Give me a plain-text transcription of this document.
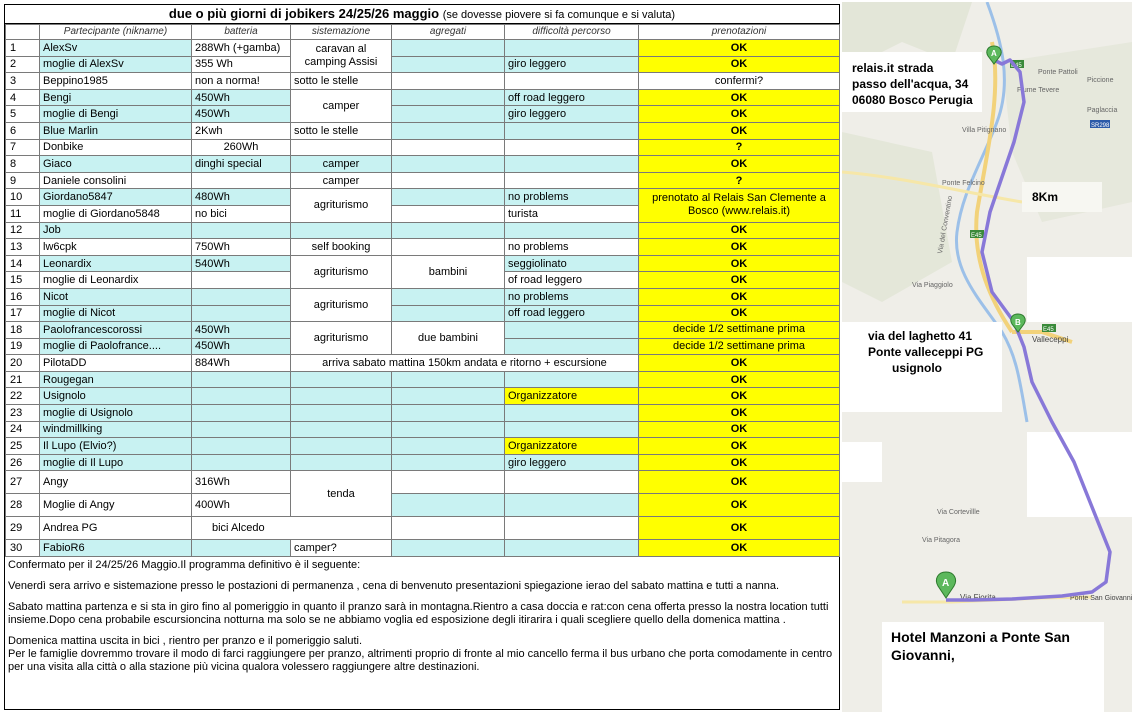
due o più giorni di jobikers 24/25/26 maggio (se dovesse piovere si fa comunque e si valuta)
	Partecipante (nikname)	batteria	sistemazione	agregati	difficoltà percorso	prenotazioni
1	AlexSv	288Wh (+gamba)	caravan al camping Assisi			OK
2	moglie di AlexSv	355 Wh			giro leggero	OK
3	Beppino1985	non a norma!	sotto le stelle			confermi?
4	Bengi	450Wh	camper		off road leggero	OK
5	moglie di Bengi	450Wh			giro leggero	OK
6	Blue Marlin	2Kwh	sotto le stelle			OK
7	Donbike	260Wh				?
8	Giaco	dinghi special	camper			OK
9	Daniele consolini		camper			?
10	Giordano5847	480Wh	agriturismo		no problems	prenotato al Relais San Clemente a Bosco (www.relais.it)
11	moglie di Giordano5848	no bici			turista	
12	Job					OK
13	lw6cpk	750Wh	self booking		no problems	OK
14	Leonardix	540Wh	agriturismo	bambini	seggiolinato	OK
15	moglie di Leonardix				of road leggero	OK
16	Nicot		agriturismo		no problems	OK
17	moglie di Nicot				off road leggero	OK
18	Paolofrancescorossi	450Wh	agriturismo	due bambini		decide 1/2 settimane prima
19	moglie di Paolofrance....	450Wh				decide 1/2 settimane prima
20	PilotaDD	884Wh	arriva sabato mattina 150km andata e ritorno + escursione			OK
21	Rougegan					OK
22	Usignolo				Organizzatore	OK
23	moglie di Usignolo					OK
24	windmillking					OK
25	Il Lupo (Elvio?)				Organizzatore	OK
26	moglie di Il Lupo				giro leggero	OK
27	Angy	316Wh	tenda			OK
28	Moglie di Angy	400Wh				OK
29	Andrea PG	bici Alcedo				OK
30	FabioR6		camper?			OK

Confermato per il 24/25/26 Maggio.Il programma definitivo è il seguente:

Venerdì sera arrivo e sistemazione presso le postazioni di permanenza , cena di benvenuto presentazioni spiegazione ierao del sabato mattina e tutti a nanna.

Sabato mattina partenza e si sta in giro fino al pomeriggio in quanto il pranzo sarà in montagna.Rientro a casa doccia e rat:con cena offerta presso la nostra location tutti insieme.Dopo cena probabile escursioncina notturna ma solo se ne abbiamo voglia ed esposizione degli itirarira i quali scegliere quello della domenica mattina .

Domenica mattina uscita in bici , rientro per pranzo e il pomeriggio saluti.

Per le famiglie dovremmo trovare il modo di farci raggiungere per pranzo, altrimenti proprio di fronte al mio cancello ferma il bus urbano che porta comodamente in centro per una visita alla città o alla stazione più vicina qualora volessero raggiungere altre destinazioni.

Fiume Tevere
Ponte Pattoli
Piccione
Villa Pitignano
Paglaccia
Ponte Felcino
Via Piaggiolo
Valleceppi
Via Pitagora
Via Fiorita	Ponte San Giovanni
Via Cortevillle
Via del Conventino
E45
SR298
E45
E45
A
B
A
relais.it strada
passo dell'acqua, 34
06080 Bosco Perugia
8Km
via del laghetto 41
Ponte valleceppi PG
usignolo
Hotel Manzoni a Ponte San
Giovanni,
